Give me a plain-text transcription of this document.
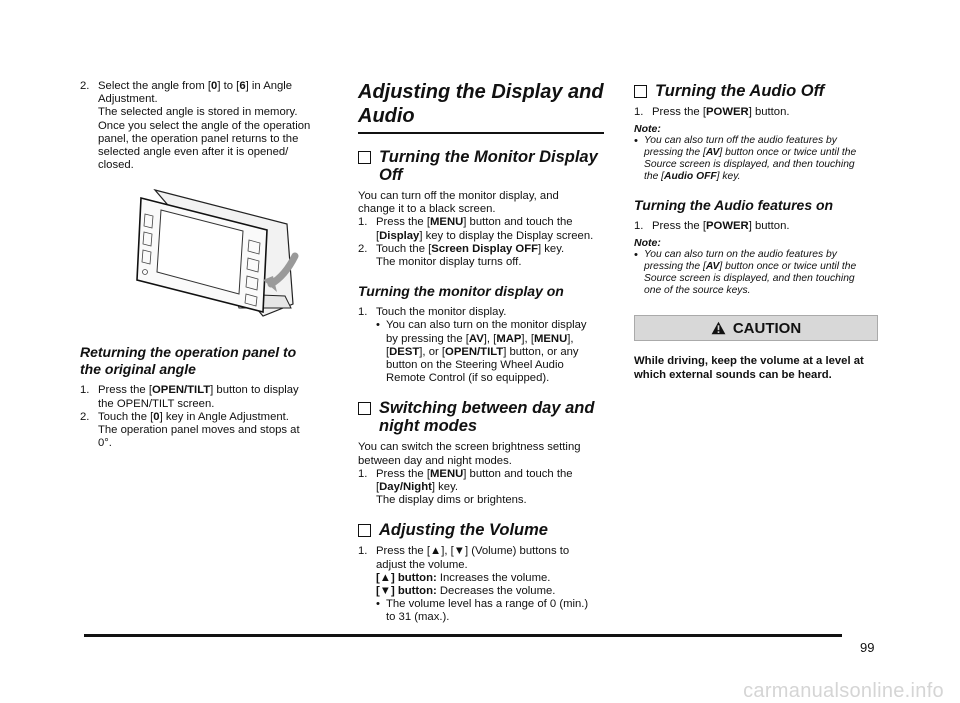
2. Select the angle from [0] to [6] in Angle
Adjustment.
The selected angle is stored in memory.
Once you select the angle of the operation
panel, the operation panel returns to the
selected angle even after it is opened/
closed.
Returning the operation panel to
the original angle
1. Press the [OPEN/TILT] button to display
the OPEN/TILT screen.
2. Touch the [0] key in Angle Adjustment.
The operation panel moves and stops at
0°.
Adjusting the Display and
Audio
Turning the Monitor Display
Off

You can turn off the monitor display, and
change it to a black screen.

1. Press the [MENU] button and touch the
[Display] key to display the Display screen.
2. Touch the [Screen Display OFF] key.
The monitor display turns off.
Turning the monitor display on
1. Touch the monitor display.
• You can also turn on the monitor display
by pressing the [AV], [MAP], [MENU],
[DEST], or [OPEN/TILT] button, or any
button on the Steering Wheel Audio
Remote Control (if so equipped).
Switching between day and
night modes

You can switch the screen brightness setting
between day and night modes.

1. Press the [MENU] button and touch the
[Day/Night] key.
The display dims or brightens.
Adjusting the Volume
1. Press the [▲], [▼] (Volume) buttons to
adjust the volume.
[▲] button: Increases the volume.
[▼] button: Decreases the volume.
• The volume level has a range of 0 (min.)
to 31 (max.).
Turning the Audio Off
1. Press the [POWER] button.
Note:
• You can also turn off the audio features by
pressing the [AV] button once or twice until the
Source screen is displayed, and then touching
the [Audio OFF] key.
Turning the Audio features on
1. Press the [POWER] button.
Note:
• You can also turn on the audio features by
pressing the [AV] button once or twice until the
Source screen is displayed, and then touching
one of the source keys.
CAUTION
While driving, keep the volume at a level at
which external sounds can be heard.
99
carmanualsonline.info
